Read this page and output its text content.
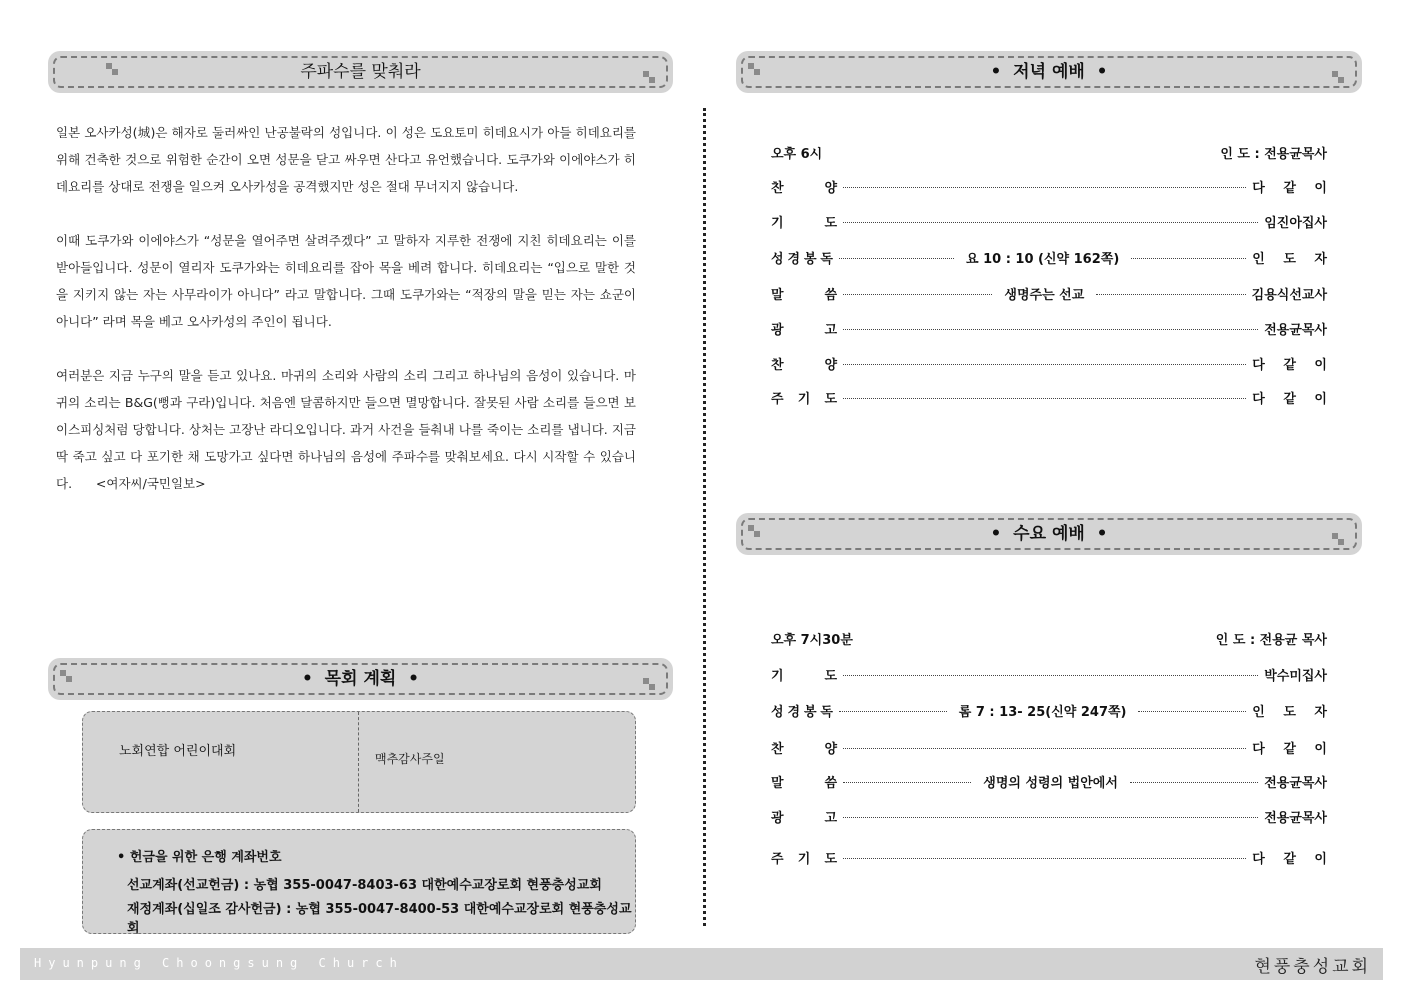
주파수를 맞춰라

일본 오사카성(城)은 해자로 둘러싸인 난공불락의 성입니다. 이 성은 도요토미 히데요시가 아들 히데요리를 위해 건축한 것으로 위험한 순간이 오면 성문을 닫고 싸우면 산다고 유언했습니다. 도쿠가와 이에야스가 히데요리를 상대로 전쟁을 일으켜 오사카성을 공격했지만 성은 절대 무너지지 않습니다.

이때 도쿠가와 이에야스가 “성문을 열어주면 살려주겠다” 고 말하자 지루한 전쟁에 지친 히데요리는 이를 받아들입니다. 성문이 열리자 도쿠가와는 히데요리를 잡아 목을 베려 합니다. 히데요리는 “입으로 말한 것을 지키지 않는 자는 사무라이가 아니다” 라고 말합니다. 그때 도쿠가와는 “적장의 말을 믿는 자는 쇼군이 아니다” 라며 목을 베고 오사카성의 주인이 됩니다.

여러분은 지금 누구의 말을 듣고 있나요. 마귀의 소리와 사람의 소리 그리고 하나님의 음성이 있습니다. 마귀의 소리는 B&G(뻥과 구라)입니다. 처음엔 달콤하지만 들으면 멸망합니다. 잘못된 사람 소리를 들으면 보이스피싱처럼 당합니다. 상처는 고장난 라디오입니다. 과거 사건을 들춰내 나를 죽이는 소리를 냅니다. 지금 딱 죽고 싶고 다 포기한 채 도망가고 싶다면 하나님의 음성에 주파수를 맞춰보세요. 다시 시작할 수 있습니다. <여자씨/국민일보>

•  목회 계획  •
노회연합 어린이대회	맥추감사주일
• 헌금을 위한 은행 계좌번호
선교계좌(선교헌금) : 농협 355-0047-8403-63 대한예수교장로회 현풍충성교회
재정계좌(십일조 감사헌금) : 농협 355-0047-8400-53 대한예수교장로회 현풍충성교회
•  저녁 예배  •
오후 6시	인 도 : 전용균목사
찬	양	다 같 이
기	도	임진아집사
성 경 봉 독	요 10 : 10 (신약 162쪽)	인 도 자
말	씀	생명주는 선교	김용식선교사
광	고	전용균목사
찬	양	다 같 이
주 기 도	다 같 이
•  수요 예배  •
오후 7시30분	인 도 : 전용균 목사
기	도	박수미집사
성 경 봉 독	롬 7 : 13- 25(신약 247쪽)	인 도 자
찬	양	다 같 이
말	씀	생명의 성령의 법안에서	전용균목사
광	고	전용균목사
주 기 도	다 같 이
Hyunpung Choongsung Church	현풍충성교회
